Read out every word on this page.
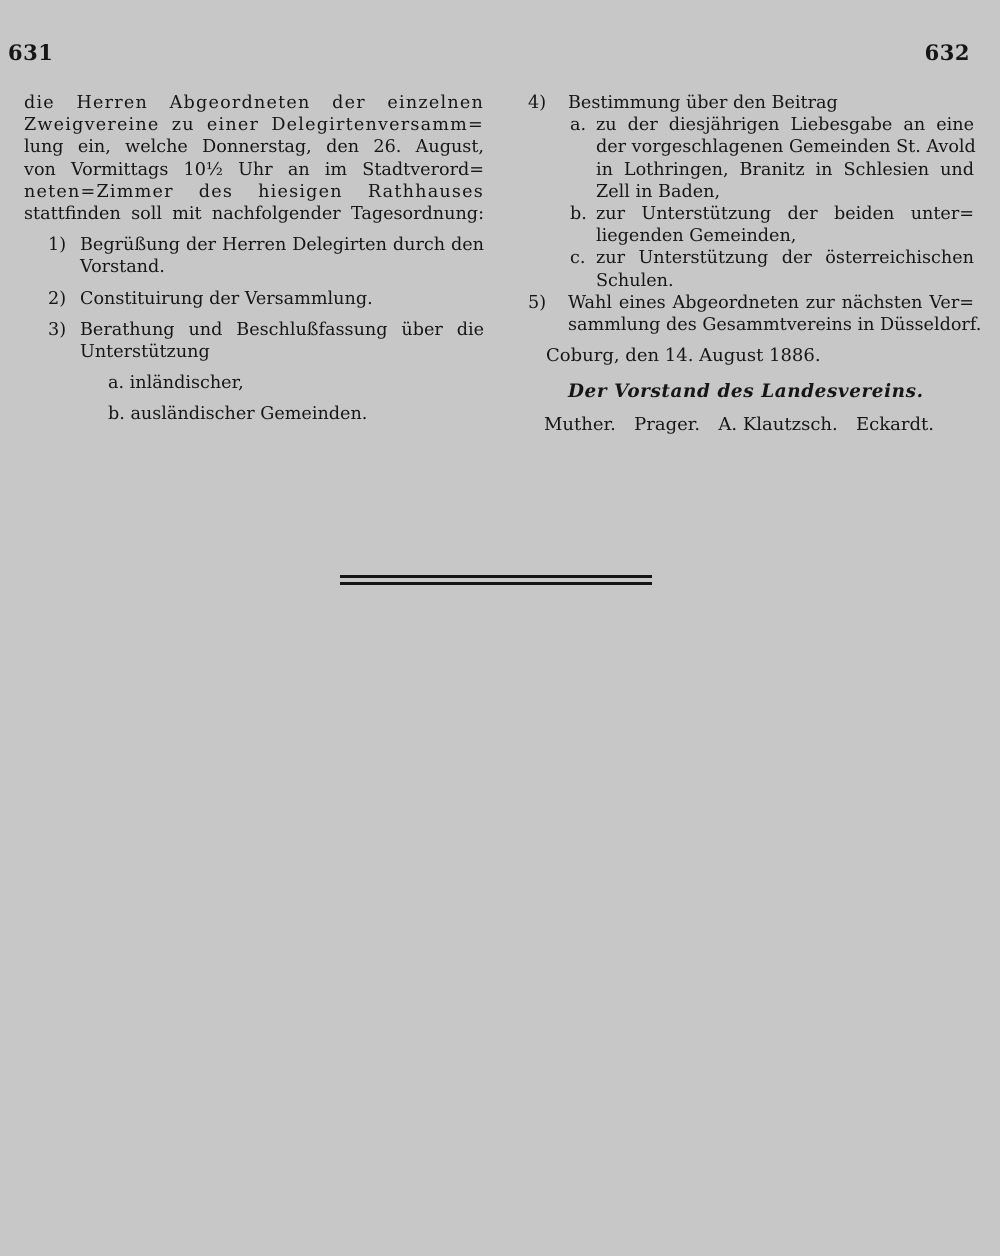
631	632
die Herren Abgeordneten der einzelnen
Zweigvereine zu einer Delegirtenversamm=
lung ein, welche Donnerstag, den 26. August,
von Vormittags 10½ Uhr an im Stadtverord=
neten=Zimmer des hiesigen Rathhauses
stattfinden soll mit nachfolgender Tagesordnung:
1) Begrüßung der Herren Delegirten durch den
Vorstand.
2) Constituirung der Versammlung.
3) Berathung und Beschlußfassung über die
Unterstützung
a. inländischer,
b. ausländischer Gemeinden.
4) Bestimmung über den Beitrag
a. zu der diesjährigen Liebesgabe an eine
der vorgeschlagenen Gemeinden St. Avold
in Lothringen, Branitz in Schlesien und
Zell in Baden,
b. zur Unterstützung der beiden unter=
liegenden Gemeinden,
c. zur Unterstützung der österreichischen
Schulen.
5) Wahl eines Abgeordneten zur nächsten Ver=
sammlung des Gesammtvereins in Düsseldorf.
Coburg, den 14. August 1886.
Der Vorstand des Landesvereins.
Muther. Prager. A. Klautzsch. Eckardt.
